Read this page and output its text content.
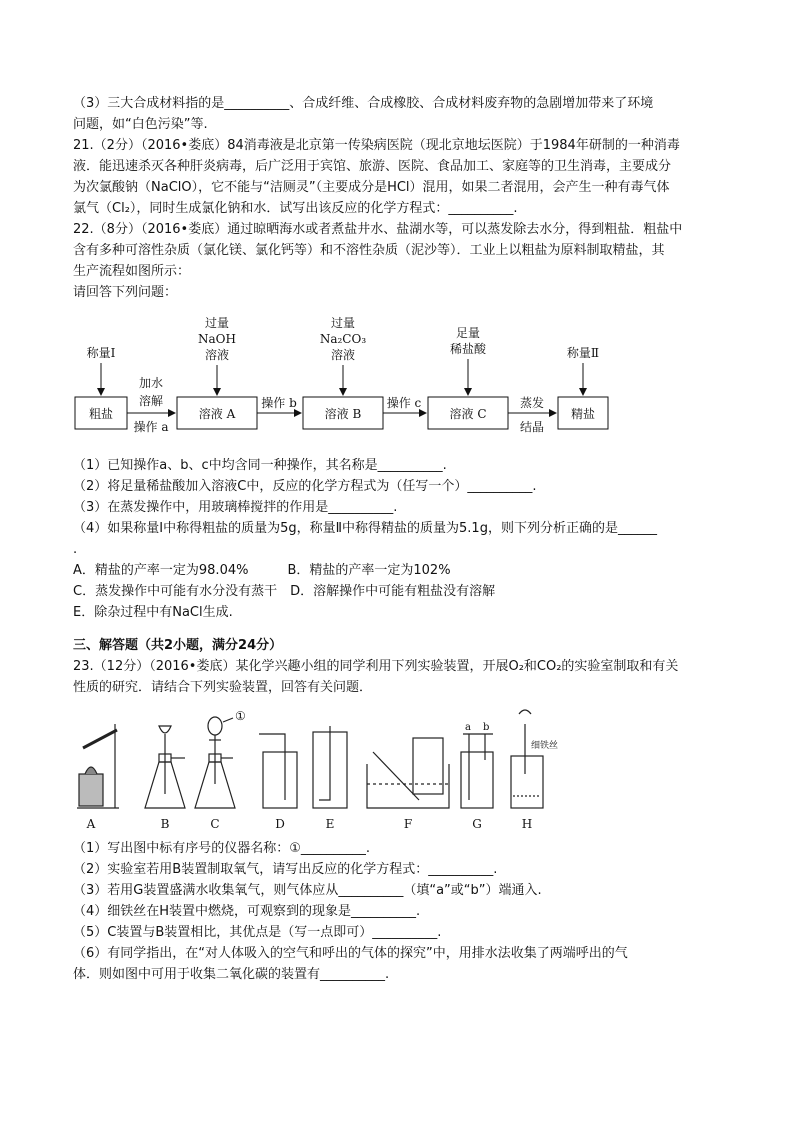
（3）三大合成材料指的是__________、合成纤维、合成橡胶、合成材料废弃物的急剧增加带来了环境
问题，如“白色污染”等.
21.（2分）（2016•娄底）84消毒液是北京第一传染病医院（现北京地坛医院）于1984年研制的一种消毒
液．能迅速杀灭各种肝炎病毒，后广泛用于宾馆、旅游、医院、食品加工、家庭等的卫生消毒，主要成分
为次氯酸钠（NaClO），它不能与“洁厕灵”（主要成分是HCl）混用，如果二者混用，会产生一种有毒气体
氯气（Cl₂），同时生成氯化钠和水．试写出该反应的化学方程式：__________.
22.（8分）（2016•娄底）通过晾晒海水或者煮盐井水、盐湖水等，可以蒸发除去水分，得到粗盐．粗盐中
含有多种可溶性杂质（氯化镁、氯化钙等）和不溶性杂质（泥沙等）．工业上以粗盐为原料制取精盐，其
生产流程如图所示：
请回答下列问题：
粗盐	溶液 A	溶液 B	溶液 C	精盐
加水
溶解
操作 a
操作 b	操作 c	蒸发
结晶
称量Ⅰ	称量Ⅱ
过量
NaOH
溶液
过量
Na₂CO₃
溶液
足量
稀盐酸
（1）已知操作a、b、c中均含同一种操作，其名称是__________.
（2）将足量稀盐酸加入溶液C中，反应的化学方程式为（任写一个）__________.
（3）在蒸发操作中，用玻璃棒搅拌的作用是__________.
（4）如果称量Ⅰ中称得粗盐的质量为5g，称量Ⅱ中称得精盐的质量为5.1g，则下列分析正确的是______
.
A．精盐的产率一定为98.04%　　　B．精盐的产率一定为102%
C．蒸发操作中可能有水分没有蒸干　D．溶解操作中可能有粗盐没有溶解
E．除杂过程中有NaCl生成.
三、解答题（共2小题，满分24分）
23.（12分）（2016•娄底）某化学兴趣小组的同学利用下列实验装置，开展O₂和CO₂的实验室制取和有关
性质的研究．请结合下列实验装置，回答有关问题．
A	B	C	D	E	F	G	H
①
a b
细铁丝
（1）写出图中标有序号的仪器名称：①__________.
（2）实验室若用B装置制取氧气，请写出反应的化学方程式：__________.
（3）若用G装置盛满水收集氧气，则气体应从__________（填“a”或“b”）端通入.
（4）细铁丝在H装置中燃烧，可观察到的现象是__________.
（5）C装置与B装置相比，其优点是（写一点即可）__________.
（6）有同学指出，在“对人体吸入的空气和呼出的气体的探究”中，用排水法收集了两端呼出的气
体．则如图中可用于收集二氧化碳的装置有__________.
